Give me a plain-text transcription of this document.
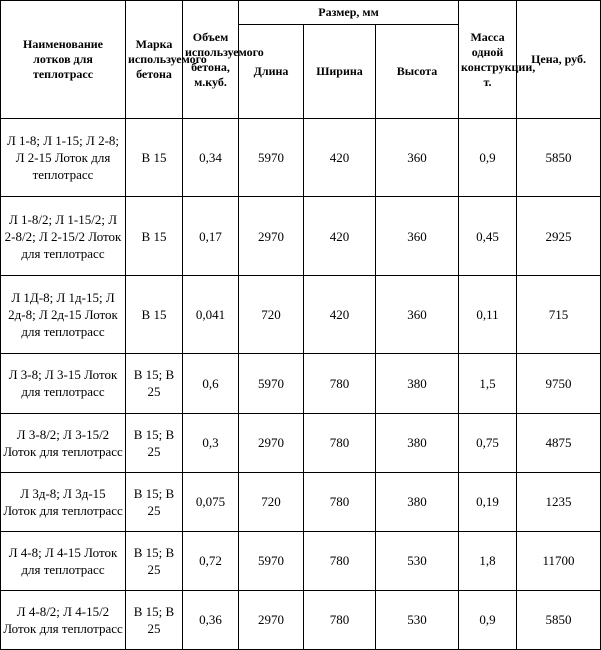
Наименование лотков для теплотрасс	Марка используемого бетона	Объем используемого бетона, м.куб.	Размер, мм			Масса одной конструкции, т.	Цена, руб.
			Длина	Ширина	Высота		
Л 1-8; Л 1-15; Л 2-8; Л 2-15 Лоток для теплотрасс	В 15	0,34	5970	420	360	0,9	5850
Л 1-8/2; Л 1-15/2; Л 2-8/2; Л 2-15/2 Лоток для теплотрасс	В 15	0,17	2970	420	360	0,45	2925
Л 1Д-8; Л 1д-15; Л 2д-8; Л 2д-15 Лоток для теплотрасс	В 15	0,041	720	420	360	0,11	715
Л 3-8; Л 3-15 Лоток для теплотрасс	В 15; В 25	0,6	5970	780	380	1,5	9750
Л 3-8/2; Л 3-15/2 Лоток для теплотрасс	В 15; В 25	0,3	2970	780	380	0,75	4875
Л 3д-8; Л 3д-15 Лоток для теплотрасс	В 15; В 25	0,075	720	780	380	0,19	1235
Л 4-8; Л 4-15 Лоток для теплотрасс	В 15; В 25	0,72	5970	780	530	1,8	11700
Л 4-8/2; Л 4-15/2 Лоток для теплотрасс	В 15; В 25	0,36	2970	780	530	0,9	5850
